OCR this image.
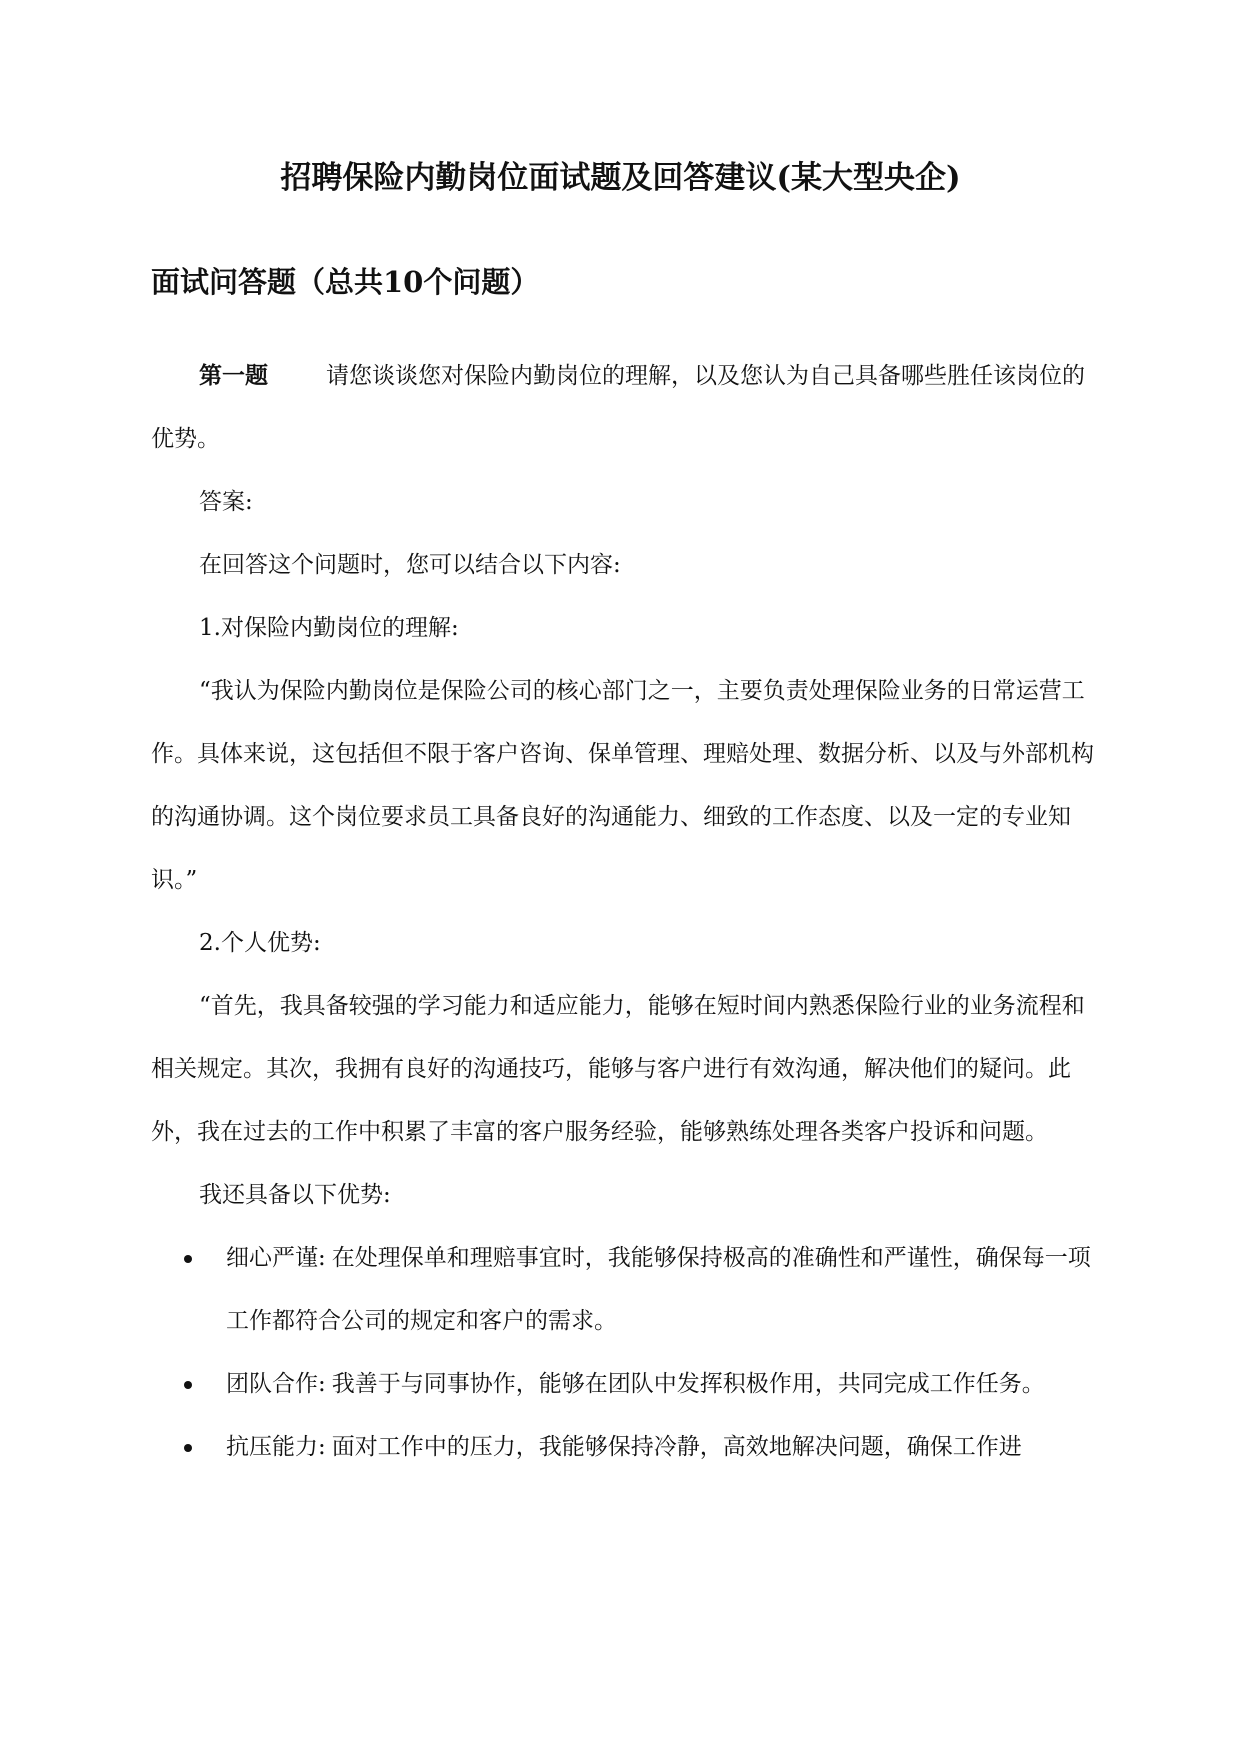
招聘保险内勤岗位面试题及回答建议(某大型央企)
面试问答题（总共10个问题）

第一题	请您谈谈您对保险内勤岗位的理解，以及您认为自己具备哪些胜任该岗位的优势。

答案:

在回答这个问题时，您可以结合以下内容:

1.对保险内勤岗位的理解:

“我认为保险内勤岗位是保险公司的核心部门之一，主要负责处理保险业务的日常运营工作。具体来说，这包括但不限于客户咨询、保单管理、理赔处理、数据分析、以及与外部机构的沟通协调。这个岗位要求员工具备良好的沟通能力、细致的工作态度、以及一定的专业知识。”

2.个人优势:

“首先，我具备较强的学习能力和适应能力，能够在短时间内熟悉保险行业的业务流程和相关规定。其次，我拥有良好的沟通技巧，能够与客户进行有效沟通，解决他们的疑问。此外，我在过去的工作中积累了丰富的客户服务经验，能够熟练处理各类客户投诉和问题。

我还具备以下优势:

细心严谨: 在处理保单和理赔事宜时，我能够保持极高的准确性和严谨性，确保每一项工作都符合公司的规定和客户的需求。
团队合作: 我善于与同事协作，能够在团队中发挥积极作用，共同完成工作任务。
抗压能力: 面对工作中的压力，我能够保持冷静，高效地解决问题，确保工作进
